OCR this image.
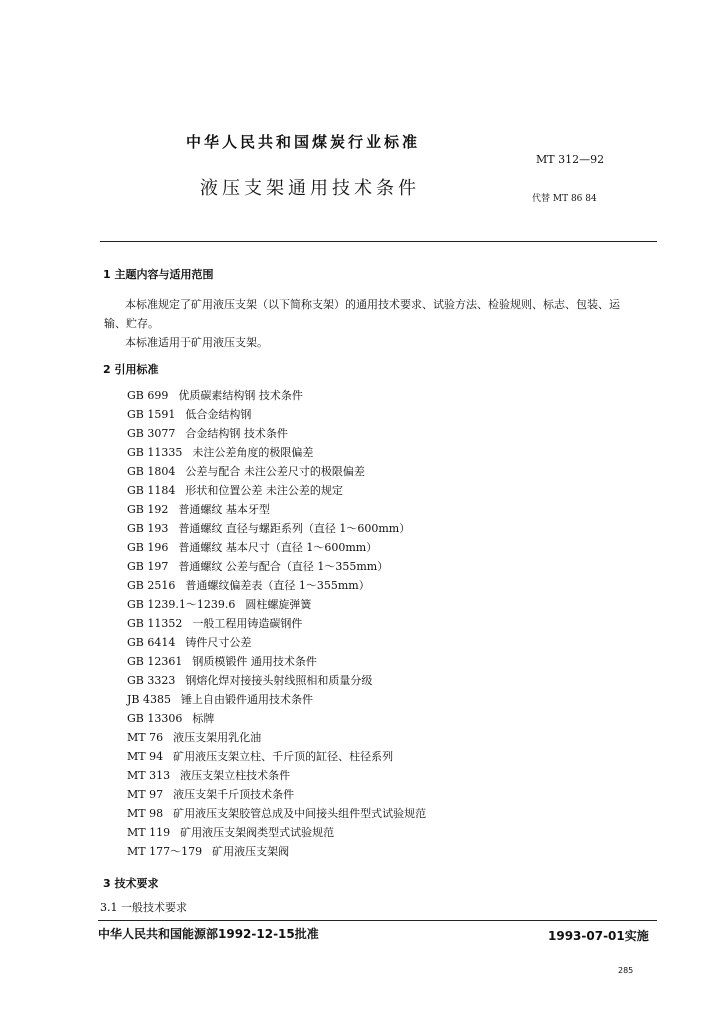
中华人民共和国煤炭行业标准
MT 312—92
液压支架通用技术条件	代替 MT 86 84
1 主题内容与适用范围
本标准规定了矿用液压支架（以下简称支架）的通用技术要求、试验方法、检验规则、标志、包装、运
输、贮存。
本标准适用于矿用液压支架。
2 引用标准
GB 699 优质碳素结构钢 技术条件
GB 1591 低合金结构钢
GB 3077 合金结构钢 技术条件
GB 11335 未注公差角度的极限偏差
GB 1804 公差与配合 未注公差尺寸的极限偏差
GB 1184 形状和位置公差 未注公差的规定
GB 192 普通螺纹 基本牙型
GB 193 普通螺纹 直径与螺距系列（直径 1～600mm）
GB 196 普通螺纹 基本尺寸（直径 1～600mm）
GB 197 普通螺纹 公差与配合（直径 1～355mm）
GB 2516 普通螺纹偏差表（直径 1～355mm）
GB 1239.1～1239.6 圆柱螺旋弹簧
GB 11352 一般工程用铸造碳钢件
GB 6414 铸件尺寸公差
GB 12361 钢质模锻件 通用技术条件
GB 3323 钢熔化焊对接接头射线照相和质量分级
JB 4385 锤上自由锻件通用技术条件
GB 13306 标牌
MT 76 液压支架用乳化油
MT 94 矿用液压支架立柱、千斤顶的缸径、柱径系列
MT 313 液压支架立柱技术条件
MT 97 液压支架千斤顶技术条件
MT 98 矿用液压支架胶管总成及中间接头组件型式试验规范
MT 119 矿用液压支架阀类型式试验规范
MT 177～179 矿用液压支架阀
3 技术要求
3.1 一般技术要求
中华人民共和国能源部1992-12-15批准	1993-07-01实施
285
